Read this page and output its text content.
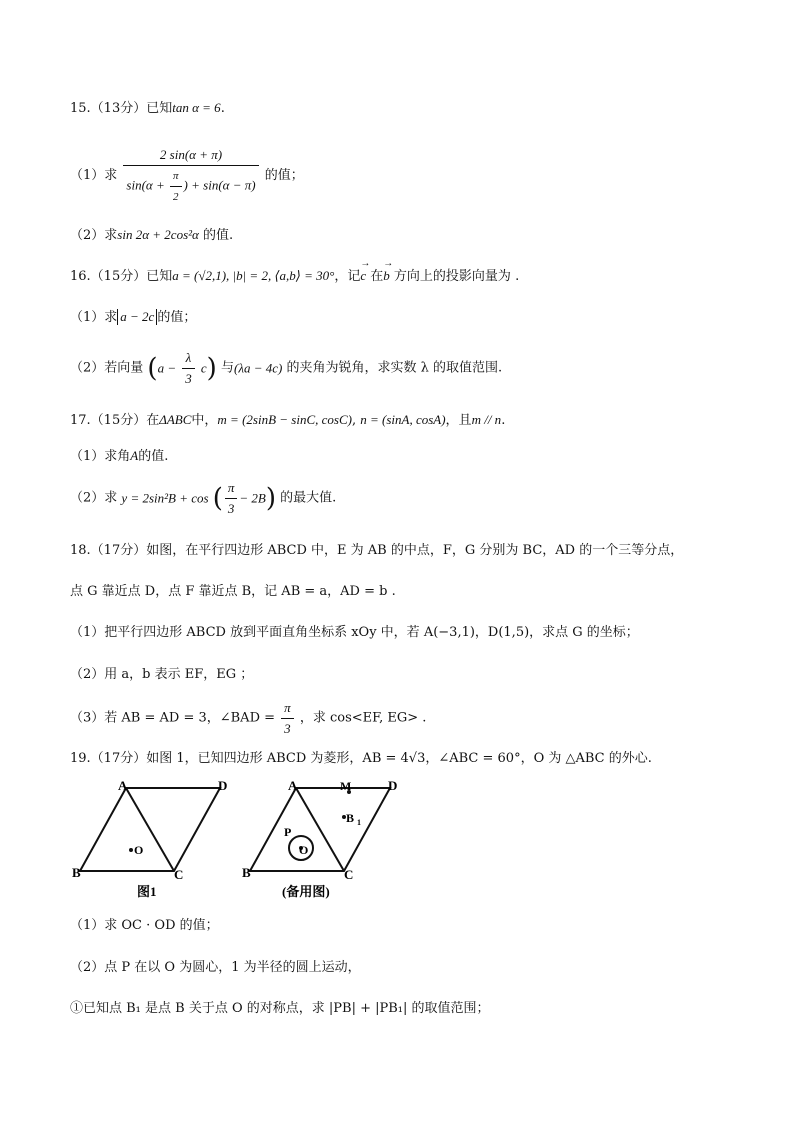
15.（13分）已知tan α = 6.
（1）求 $\frac{2 \sin(\alpha + \pi)}{\sin(\alpha + \frac{\pi}{2} ) + \sin(\alpha - \pi)}$ 的值；
（2）求sin 2α + 2cos²α 的值.
16.（15分）已知a = (√2,1), |b| = 2, ⟨a,b⟩ = 30°，记→ c 在→ b 方向上的投影向量为 .
（1）求 a − 2c 的值；
（2）若向量 $(a - \frac{\lambda}{3} c)$ 与(λa − 4c) 的夹角为锐角，求实数 λ 的取值范围.
17.（15分）在ΔABC中，m = (2sinB − sinC, cosC), n = (sinA, cosA)，且m // n.
（1）求角A的值.
（2）求 y = 2sin²B + cos ( $\frac{\pi}{3} - 2B$) 的最大值.
18.（17分）如图，在平行四边形 ABCD 中，E 为 AB 的中点，F，G 分别为 BC，AD 的一个三等分点，
点 G 靠近点 D，点 F 靠近点 B，记 AB = a，AD = b .
（1）把平行四边形 ABCD 放到平面直角坐标系 xOy 中，若 A(−3,1)，D(1,5)，求点 G 的坐标；
（2）用 a，b 表示 EF，EG ；
（3）若 AB = AD = 3，∠BAD = $\frac{\pi}{3}$ ，求 cos<EF, EG> .
19.（17分）如图 1，已知四边形 ABCD 为菱形，AB = 4√3，∠ABC = 60°，O 为 △ABC 的外心.
A	D
B	C
O
图1
A	M	D
B 1
P
O
B	C
(备用图)
（1）求 OC · OD 的值；
（2）点 P 在以 O 为圆心，1 为半径的圆上运动，
①已知点 B₁ 是点 B 关于点 O 的对称点，求 |PB| + |PB₁| 的取值范围；
